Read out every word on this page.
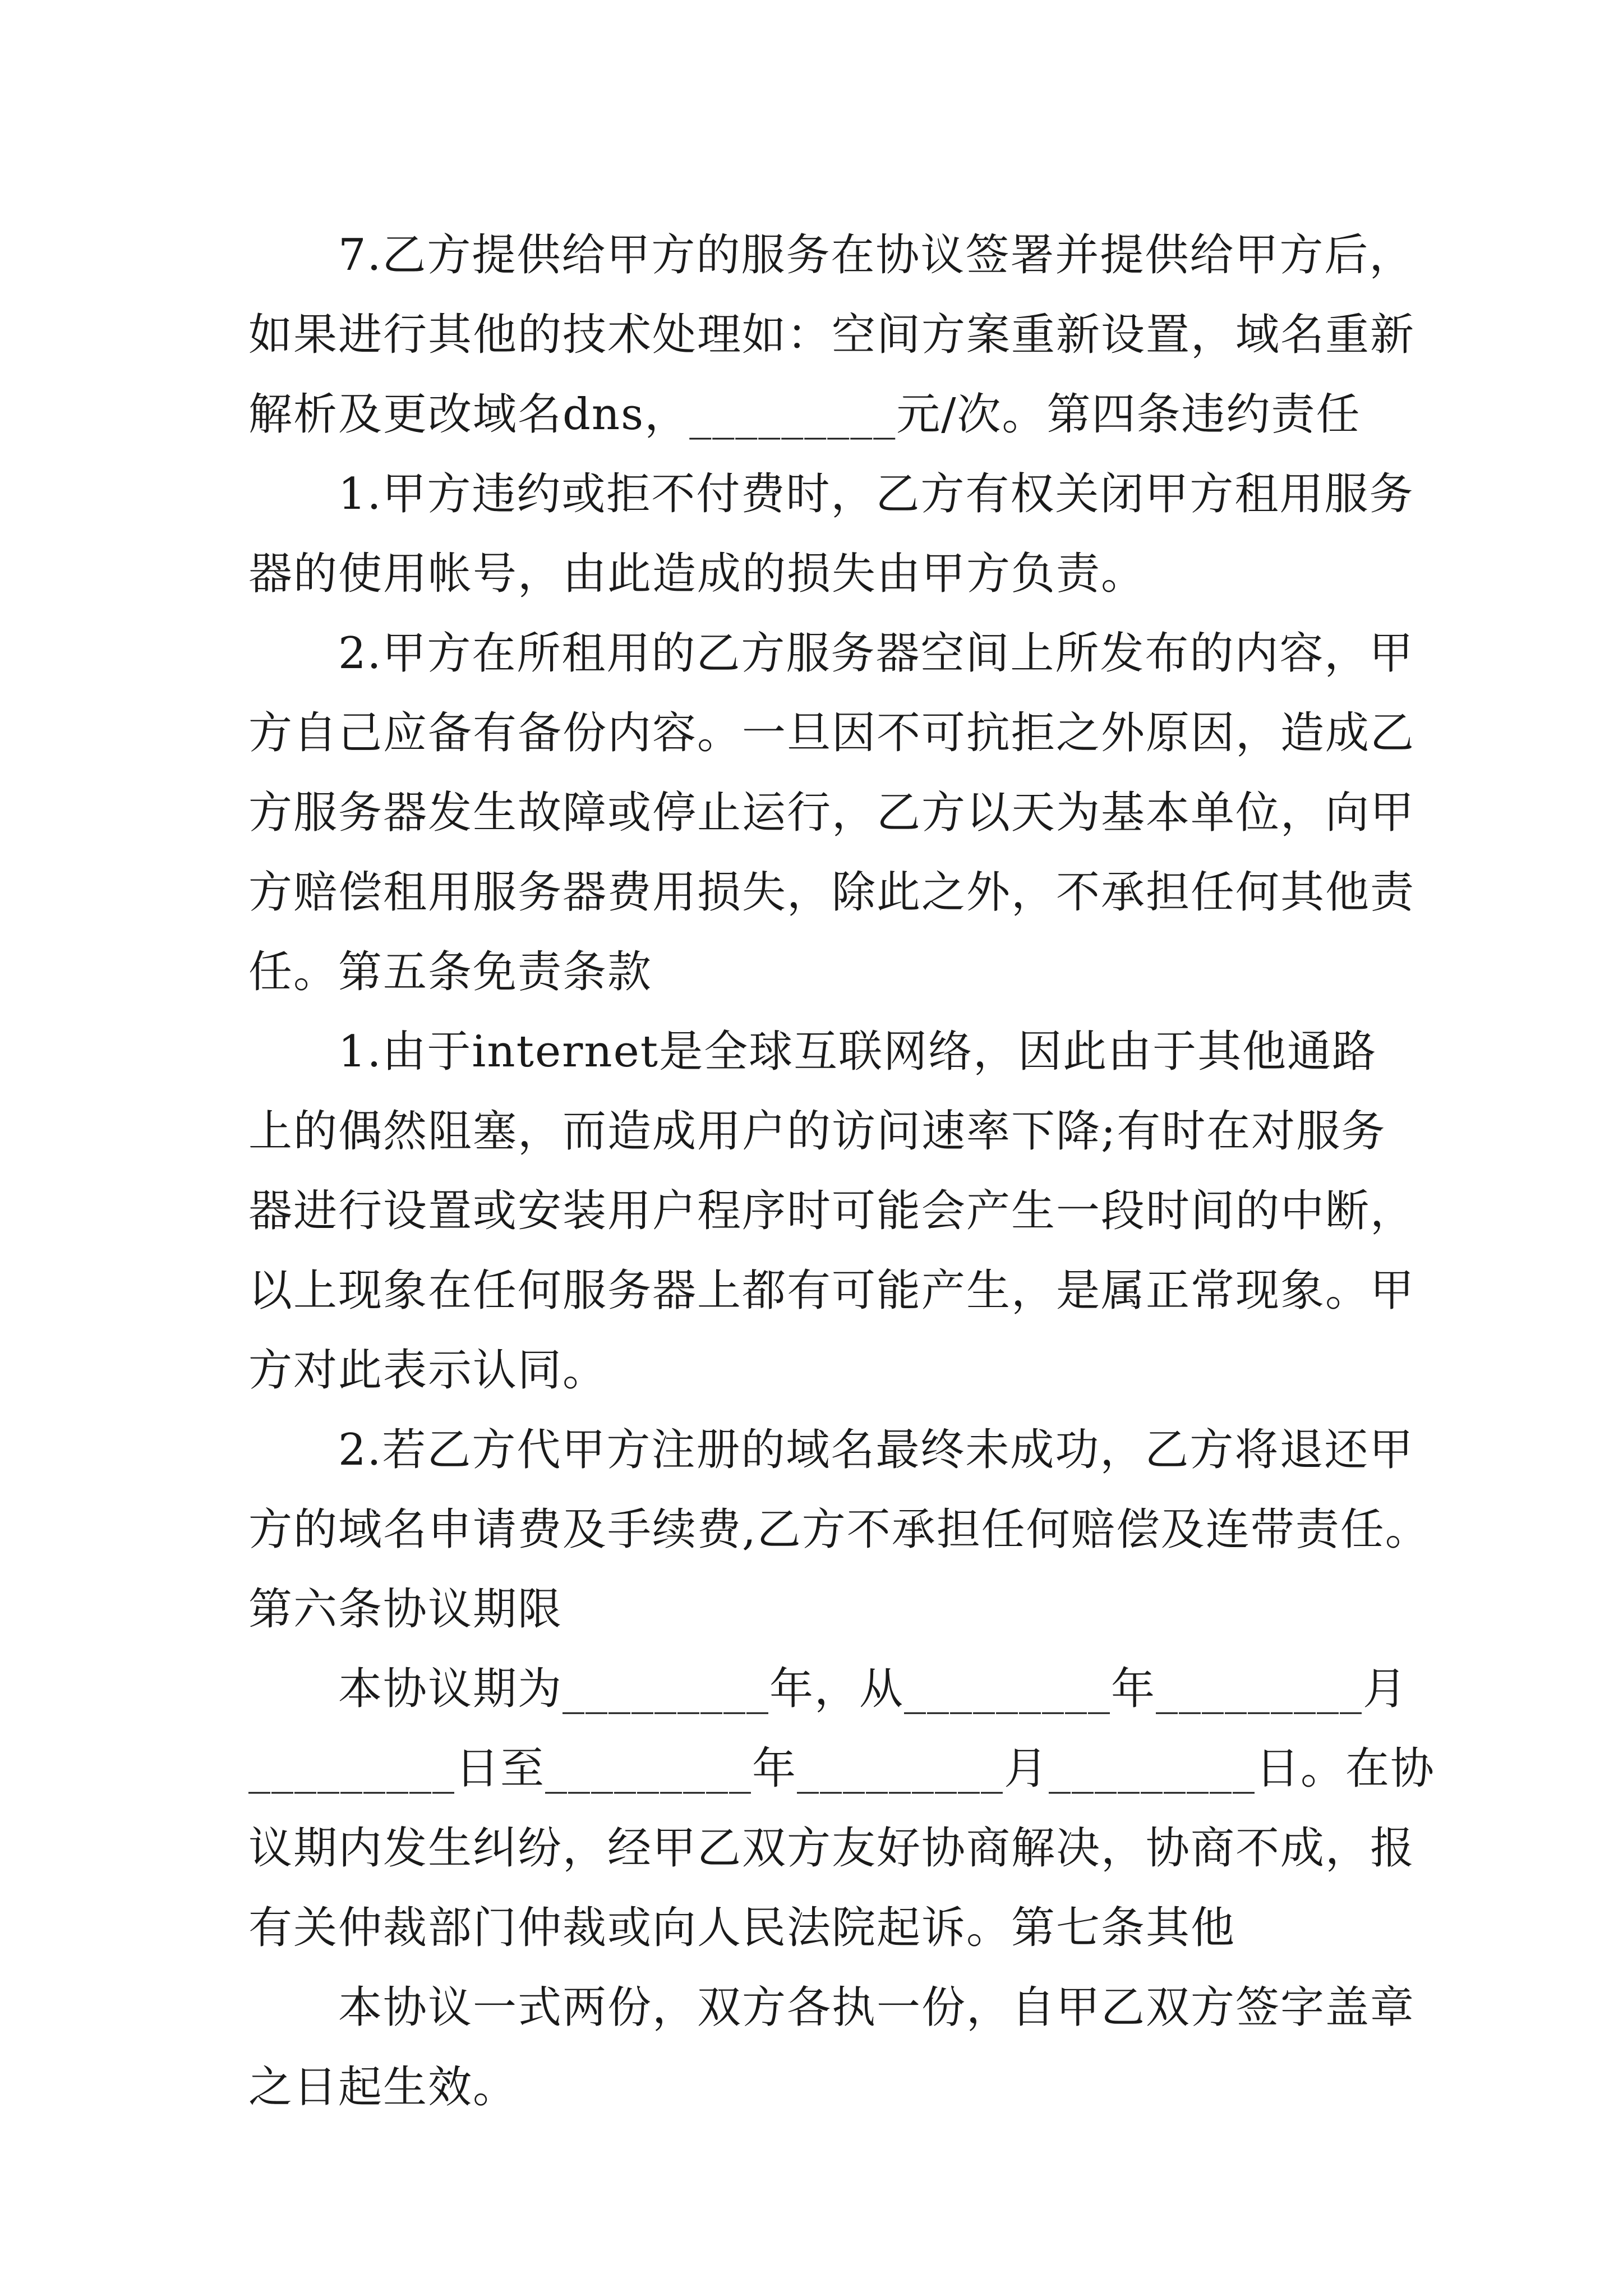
7.乙方提供给甲方的服务在协议签署并提供给甲方后，
如果进行其他的技术处理如：空间方案重新设置，域名重新
解析及更改域名dns，_________元/次。第四条违约责任
1.甲方违约或拒不付费时，乙方有权关闭甲方租用服务
器的使用帐号，由此造成的损失由甲方负责。
2.甲方在所租用的乙方服务器空间上所发布的内容，甲
方自己应备有备份内容。一旦因不可抗拒之外原因，造成乙
方服务器发生故障或停止运行，乙方以天为基本单位，向甲
方赔偿租用服务器费用损失，除此之外，不承担任何其他责
任。第五条免责条款
1.由于internet是全球互联网络，因此由于其他通路
上的偶然阻塞，而造成用户的访问速率下降;有时在对服务
器进行设置或安装用户程序时可能会产生一段时间的中断，
以上现象在任何服务器上都有可能产生，是属正常现象。甲
方对此表示认同。
2.若乙方代甲方注册的域名最终未成功，乙方将退还甲
方的域名申请费及手续费,乙方不承担任何赔偿及连带责任。
第六条协议期限
本协议期为_________年，从_________年_________月
_________日至_________年_________月_________日。在协
议期内发生纠纷，经甲乙双方友好协商解决，协商不成，报
有关仲裁部门仲裁或向人民法院起诉。第七条其他
本协议一式两份，双方各执一份，自甲乙双方签字盖章
之日起生效。
